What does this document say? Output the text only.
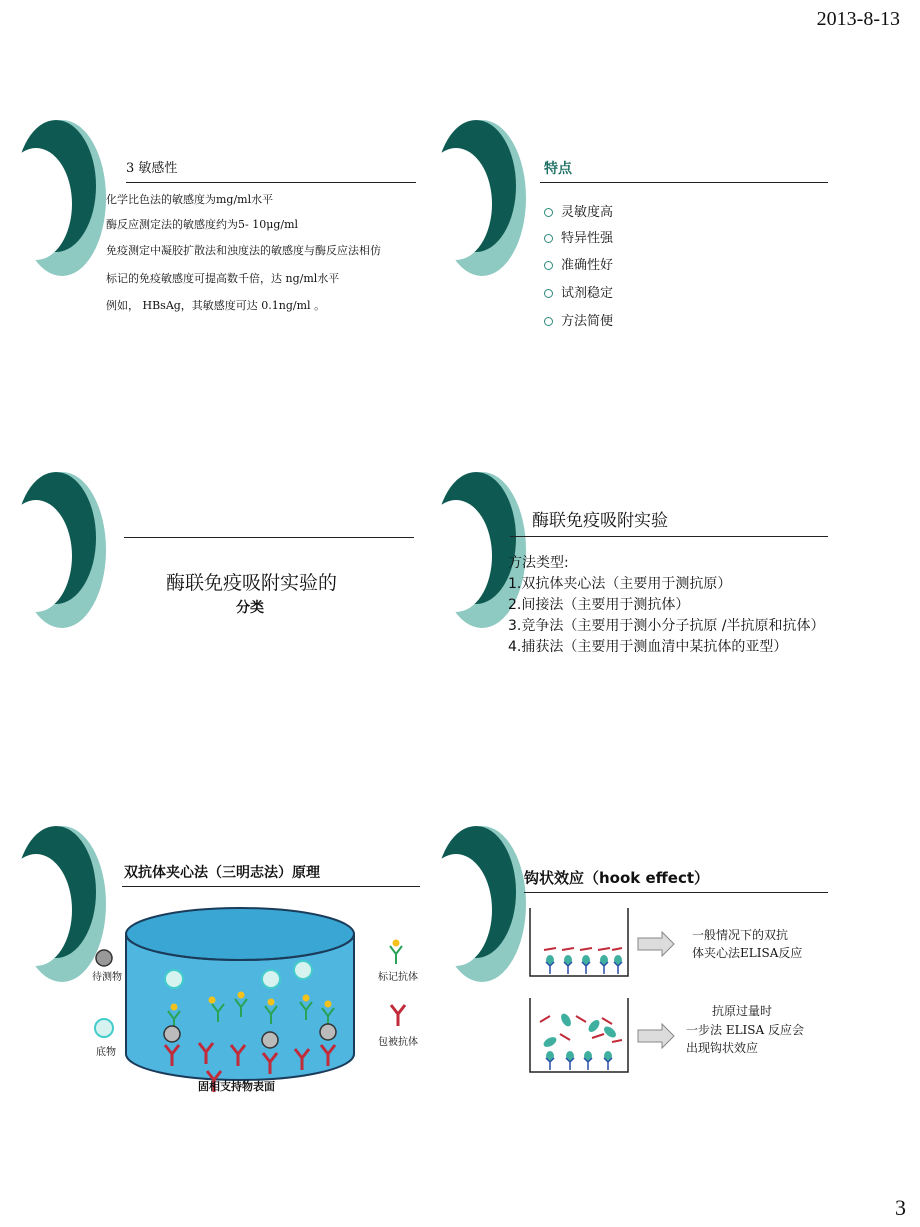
2013-8-13
3 敏感性
化学比色法的敏感度为mg/ml水平
酶反应测定法的敏感度约为5- 10μg/ml
免疫测定中凝胶扩散法和浊度法的敏感度与酶反应法相仿
标记的免疫敏感度可提高数千倍，达 ng/ml水平
例如， HBsAg，其敏感度可达 0.1ng/ml 。
特点
灵敏度高
特异性强
准确性好
试剂稳定
方法简便
酶联免疫吸附实验的
分类
酶联免疫吸附实验
方法类型:
1.双抗体夹心法（主要用于测抗原）
2.间接法（主要用于测抗体）
3.竞争法（主要用于测小分子抗原 /半抗原和抗体）
4.捕获法（主要用于测血清中某抗体的亚型）
双抗体夹心法（三明志法）原理
待测物
底物
标记抗体
包被抗体
固相支持物表面
钩状效应（hook effect）
一般情况下的双抗
体夹心法ELISA反应
抗原过量时
一步法 ELISA 反应会
出现钩状效应
3
